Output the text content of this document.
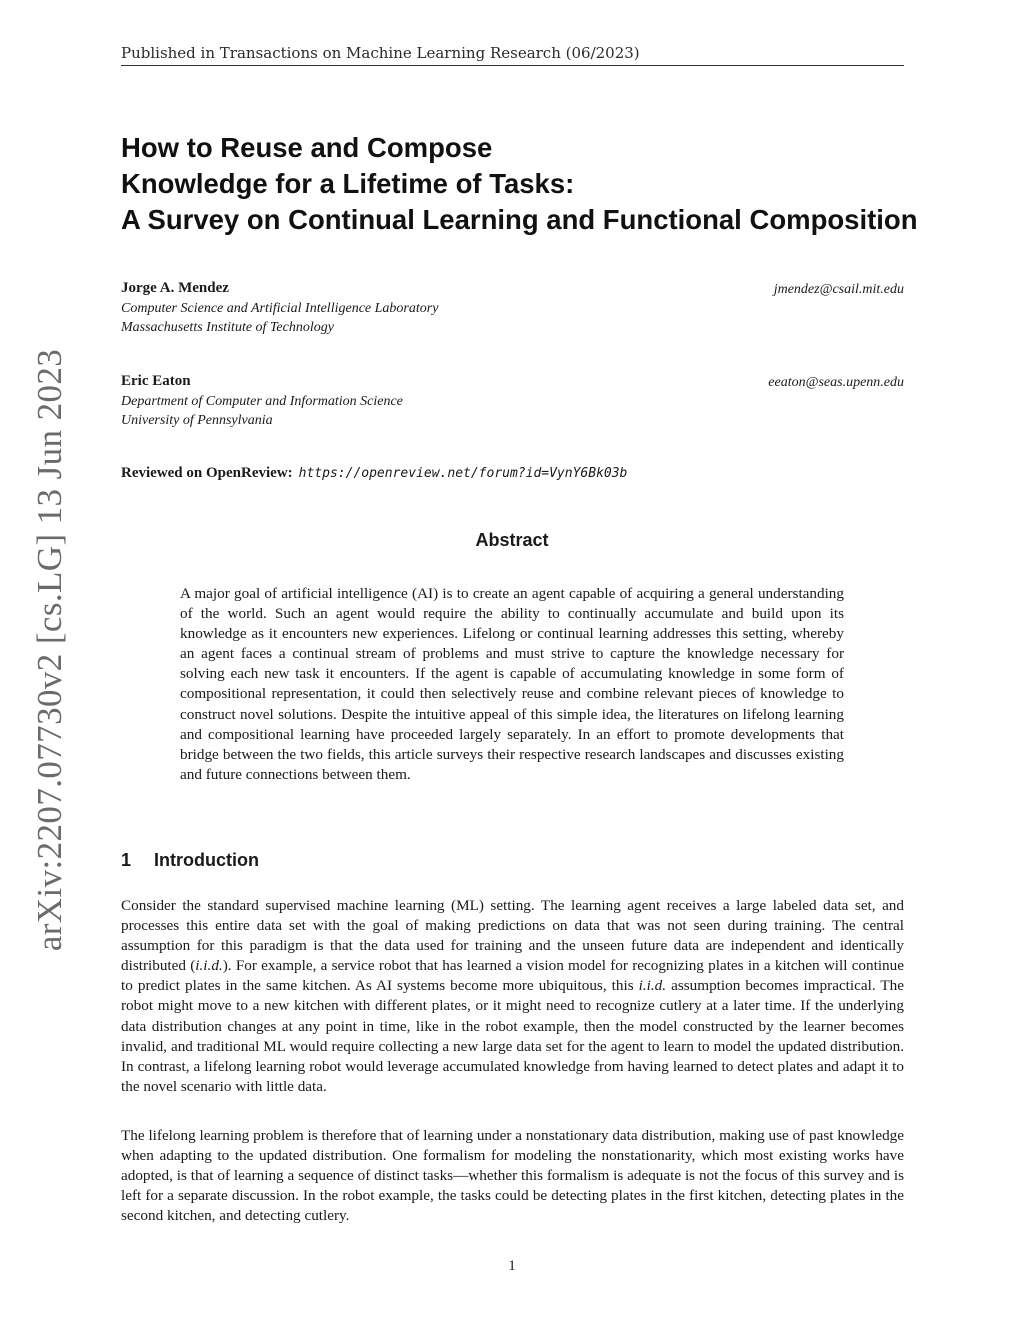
Published in Transactions on Machine Learning Research (06/2023)
arXiv:2207.07730v2 [cs.LG] 13 Jun 2023
How to Reuse and Compose
Knowledge for a Lifetime of Tasks:
A Survey on Continual Learning and Functional Composition
Jorge A. Mendez	jmendez@csail.mit.edu
Computer Science and Artificial Intelligence Laboratory
Massachusetts Institute of Technology
Eric Eaton	eeaton@seas.upenn.edu
Department of Computer and Information Science
University of Pennsylvania
Reviewed on OpenReview: https://openreview.net/forum?id=VynY6Bk03b
Abstract
A major goal of artificial intelligence (AI) is to create an agent capable of acquiring a general understanding of the world. Such an agent would require the ability to continually accumulate and build upon its knowledge as it encounters new experiences. Lifelong or continual learning addresses this setting, whereby an agent faces a continual stream of problems and must strive to capture the knowledge necessary for solving each new task it encounters. If the agent is capable of accumulating knowledge in some form of compositional representation, it could then selectively reuse and combine relevant pieces of knowledge to construct novel solutions. Despite the intuitive appeal of this simple idea, the literatures on lifelong learning and compositional learning have proceeded largely separately. In an effort to promote developments that bridge between the two fields, this article surveys their respective research landscapes and discusses existing and future connections between them.
1 Introduction
Consider the standard supervised machine learning (ML) setting. The learning agent receives a large labeled data set, and processes this entire data set with the goal of making predictions on data that was not seen during training. The central assumption for this paradigm is that the data used for training and the unseen future data are independent and identically distributed (i.i.d.). For example, a service robot that has learned a vision model for recognizing plates in a kitchen will continue to predict plates in the same kitchen. As AI systems become more ubiquitous, this i.i.d. assumption becomes impractical. The robot might move to a new kitchen with different plates, or it might need to recognize cutlery at a later time. If the underlying data distribution changes at any point in time, like in the robot example, then the model constructed by the learner becomes invalid, and traditional ML would require collecting a new large data set for the agent to learn to model the updated distribution. In contrast, a lifelong learning robot would leverage accumulated knowledge from having learned to detect plates and adapt it to the novel scenario with little data.
The lifelong learning problem is therefore that of learning under a nonstationary data distribution, making use of past knowledge when adapting to the updated distribution. One formalism for modeling the nonstationarity, which most existing works have adopted, is that of learning a sequence of distinct tasks—whether this formalism is adequate is not the focus of this survey and is left for a separate discussion. In the robot example, the tasks could be detecting plates in the first kitchen, detecting plates in the second kitchen, and detecting cutlery.
1
